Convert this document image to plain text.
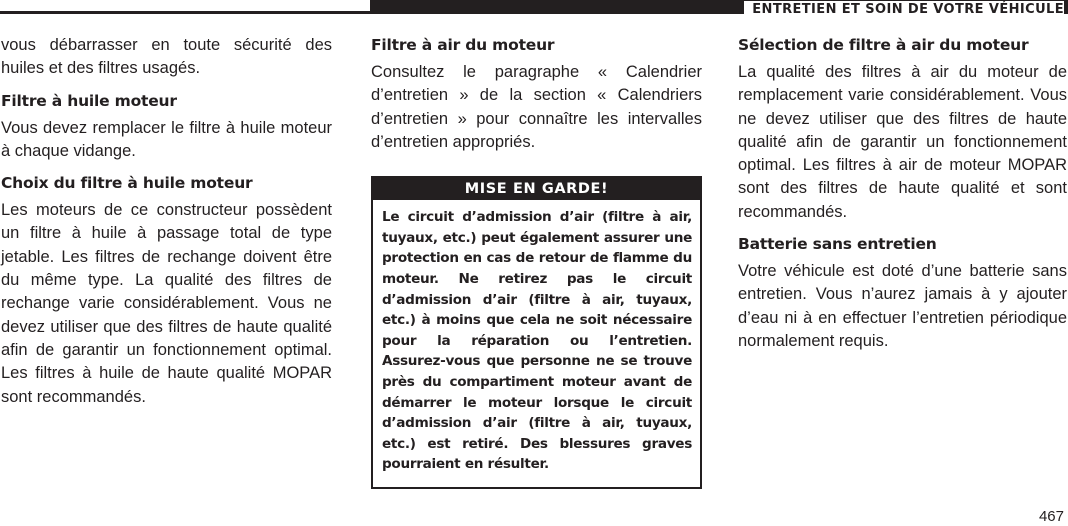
ENTRETIEN ET SOIN DE VOTRE VÉHICULE

vous débarrasser en toute sécurité des huiles et des filtres usagés.

Filtre à huile moteur

Vous devez remplacer le filtre à huile moteur à chaque vidange.

Choix du filtre à huile moteur

Les moteurs de ce constructeur possèdent un filtre à huile à passage total de type jetable. Les filtres de rechange doivent être du même type. La qualité des filtres de rechange varie considérablement. Vous ne devez utiliser que des filtres de haute qualité afin de garantir un fonctionnement optimal. Les filtres à huile de haute qualité MOPAR sont recommandés.

Filtre à air du moteur

Consultez le paragraphe « Calendrier d’entretien » de la section « Calendriers d’entretien » pour connaître les intervalles d’entretien appropriés.

MISE EN GARDE!
Le circuit d’admission d’air (filtre à air, tuyaux, etc.) peut également assurer une protection en cas de retour de flamme du moteur. Ne retirez pas le circuit d’admission d’air (filtre à air, tuyaux, etc.) à moins que cela ne soit nécessaire pour la réparation ou l’entretien. Assurez-vous que personne ne se trouve près du compartiment moteur avant de démarrer le moteur lorsque le circuit d’admission d’air (filtre à air, tuyaux, etc.) est retiré. Des blessures graves pourraient en résulter.
Sélection de filtre à air du moteur

La qualité des filtres à air du moteur de remplacement varie considérablement. Vous ne devez utiliser que des filtres de haute qualité afin de garantir un fonctionnement optimal. Les filtres à air de moteur MOPAR sont des filtres de haute qualité et sont recommandés.

Batterie sans entretien

Votre véhicule est doté d’une batterie sans entretien. Vous n’aurez jamais à y ajouter d’eau ni à en effectuer l’entretien périodique normalement requis.

467
